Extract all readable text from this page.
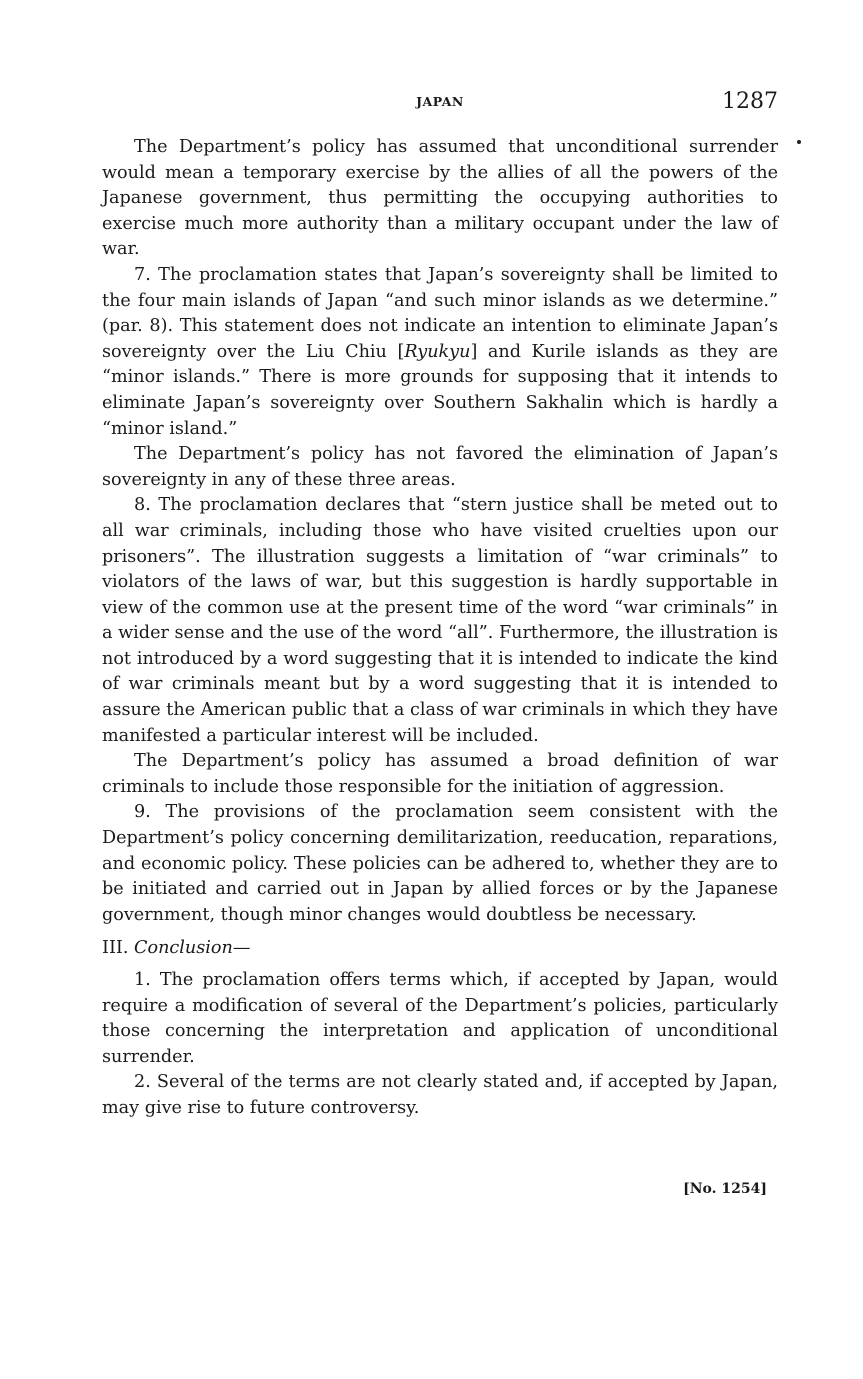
JAPAN	1287

The Department’s policy has assumed that unconditional surrender would mean a temporary exercise by the allies of all the powers of the Japanese government, thus permitting the occupying authorities to exercise much more authority than a military occupant under the law of war.

7. The proclamation states that Japan’s sovereignty shall be limited to the four main islands of Japan “and such minor islands as we determine.” (par. 8). This statement does not indicate an intention to eliminate Japan’s sovereignty over the Liu Chiu [Ryukyu] and Kurile islands as they are “minor islands.” There is more grounds for supposing that it intends to eliminate Japan’s sovereignty over Southern Sakhalin which is hardly a “minor island.”

The Department’s policy has not favored the elimination of Japan’s sovereignty in any of these three areas.

8. The proclamation declares that “stern justice shall be meted out to all war criminals, including those who have visited cruelties upon our prisoners”. The illustration suggests a limitation of “war criminals” to violators of the laws of war, but this suggestion is hardly supportable in view of the common use at the present time of the word “war criminals” in a wider sense and the use of the word “all”. Furthermore, the illustration is not introduced by a word suggesting that it is intended to indicate the kind of war criminals meant but by a word suggesting that it is intended to assure the American public that a class of war criminals in which they have manifested a particular interest will be included.

The Department’s policy has assumed a broad definition of war criminals to include those responsible for the initiation of aggression.

9. The provisions of the proclamation seem consistent with the Department’s policy concerning demilitarization, reeducation, reparations, and economic policy. These policies can be adhered to, whether they are to be initiated and carried out in Japan by allied forces or by the Japanese government, though minor changes would doubtless be necessary.

III. Conclusion—

1. The proclamation offers terms which, if accepted by Japan, would require a modification of several of the Department’s policies, particularly those concerning the interpretation and application of unconditional surrender.

2. Several of the terms are not clearly stated and, if accepted by Japan, may give rise to future controversy.

[No. 1254]
